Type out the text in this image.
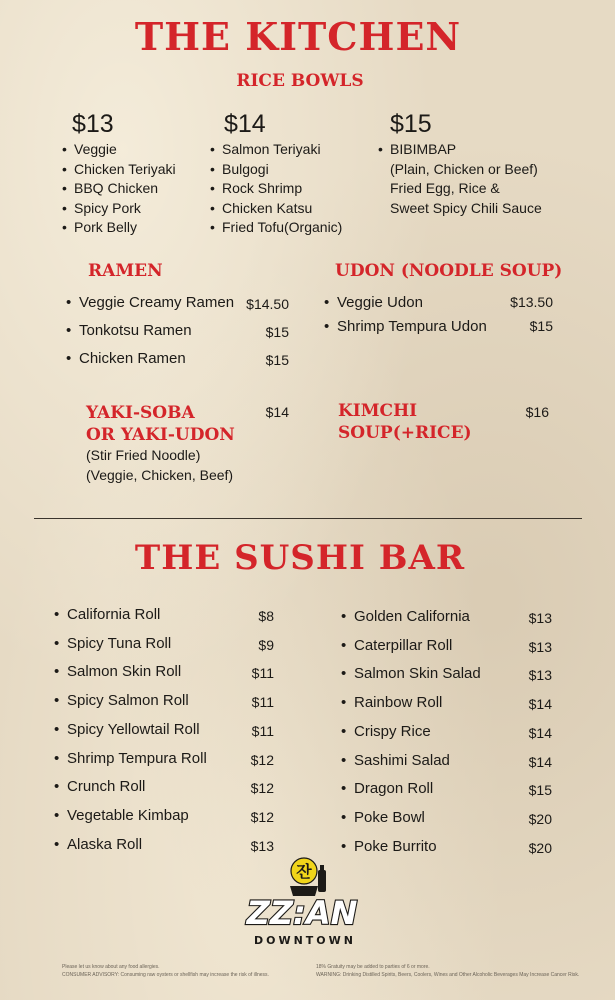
THE KITCHEN
RICE BOWLS
$13
• Veggie
• Chicken Teriyaki
• BBQ Chicken
• Spicy Pork
• Pork Belly
$14
• Salmon Teriyaki
• Bulgogi
• Rock Shrimp
• Chicken Katsu
• Fried Tofu(Organic)
$15
• BIBIMBAP
(Plain, Chicken or Beef)
Fried Egg, Rice &
Sweet Spicy Chili Sauce
RAMEN
• Veggie Creamy Ramen $14.50
• Tonkotsu Ramen	$15
• Chicken Ramen	$15
UDON (NOODLE SOUP)
• Veggie Udon	$13.50
• Shrimp Tempura Udon	$15
YAKI-SOBA
OR YAKI-UDON
$14
(Stir Fried Noodle)
(Veggie, Chicken, Beef)
KIMCHI
SOUP(+RICE)
$16
THE SUSHI BAR
• California Roll	$8
• Spicy Tuna Roll	$9
• Salmon Skin Roll	$11
• Spicy Salmon Roll	$11
• Spicy Yellowtail Roll	$11
• Shrimp Tempura Roll	$12
• Crunch Roll	$12
• Vegetable Kimbap	$12
• Alaska Roll	$13
• Golden California	$13
• Caterpillar Roll	$13
• Salmon Skin Salad	$13
• Rainbow Roll	$14
• Crispy Rice	$14
• Sashimi Salad	$14
• Dragon Roll	$15
• Poke Bowl	$20
• Poke Burrito	$20
잔
ZZ:AN
DOWNTOWN
Please let us know about any food allergies.
CONSUMER ADVISORY: Consuming raw oysters or shellfish may increase the risk of illness.
18% Gratuity may be added to parties of 6 or more.
WARNING: Drinking Distilled Spirits, Beers, Coolers, Wines and Other Alcoholic Beverages May Increase Cancer Risk.
